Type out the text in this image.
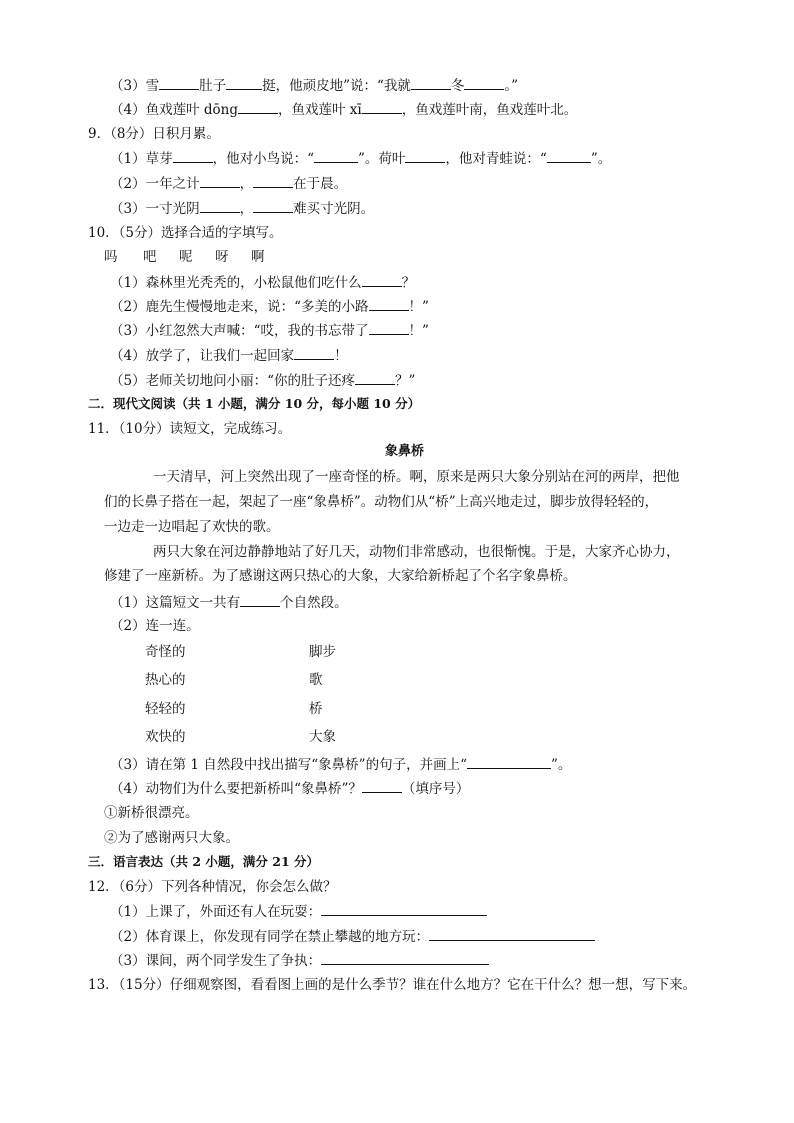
（3）雪	肚子	挺，他顽皮地”说：“我就	冬	。”
（4）鱼戏莲叶 dōng	，鱼戏莲叶 xī	，鱼戏莲叶南，鱼戏莲叶北。
9．（8分）日积月累。
（1）草芽	，他对小鸟说：“	”。荷叶	，他对青蛙说：“	”。
（2）一年之计	，	在于晨。
（3）一寸光阴	，	难买寸光阴。
10．（5分）选择合适的字填写。
吗 吧 呢 呀 啊
（1）森林里光秃秃的，小松鼠他们吃什么	？
（2）鹿先生慢慢地走来，说：“多美的小路	！”
（3）小红忽然大声喊：“哎，我的书忘带了	！”
（4）放学了，让我们一起回家	！
（5）老师关切地问小丽：“你的肚子还疼	？”
二．现代文阅读（共 1 小题，满分 10 分，每小题 10 分）
11．（10分）读短文，完成练习。
象鼻桥
一天清早，河上突然出现了一座奇怪的桥。啊，原来是两只大象分别站在河的两岸，把他
们的长鼻子搭在一起，架起了一座“象鼻桥”。动物们从“桥”上高兴地走过，脚步放得轻轻的，
一边走一边唱起了欢快的歌。
两只大象在河边静静地站了好几天，动物们非常感动，也很惭愧。于是，大家齐心协力，
修建了一座新桥。为了感谢这两只热心的大象，大家给新桥起了个名字象鼻桥。
（1）这篇短文一共有	个自然段。
（2）连一连。
奇怪的	脚步
热心的	歌
轻轻的	桥
欢快的	大象
（3）请在第 1 自然段中找出描写“象鼻桥”的句子，并画上“	”。
（4）动物们为什么要把新桥叫“象鼻桥”？	（填序号）
①新桥很漂亮。
②为了感谢两只大象。
三．语言表达（共 2 小题，满分 21 分）
12．（6分）下列各种情况，你会怎么做？
（1）上课了，外面还有人在玩耍：
（2）体育课上，你发现有同学在禁止攀越的地方玩：
（3）课间，两个同学发生了争执：
13．（15分）仔细观察图，看看图上画的是什么季节？谁在什么地方？它在干什么？想一想，写下来。
